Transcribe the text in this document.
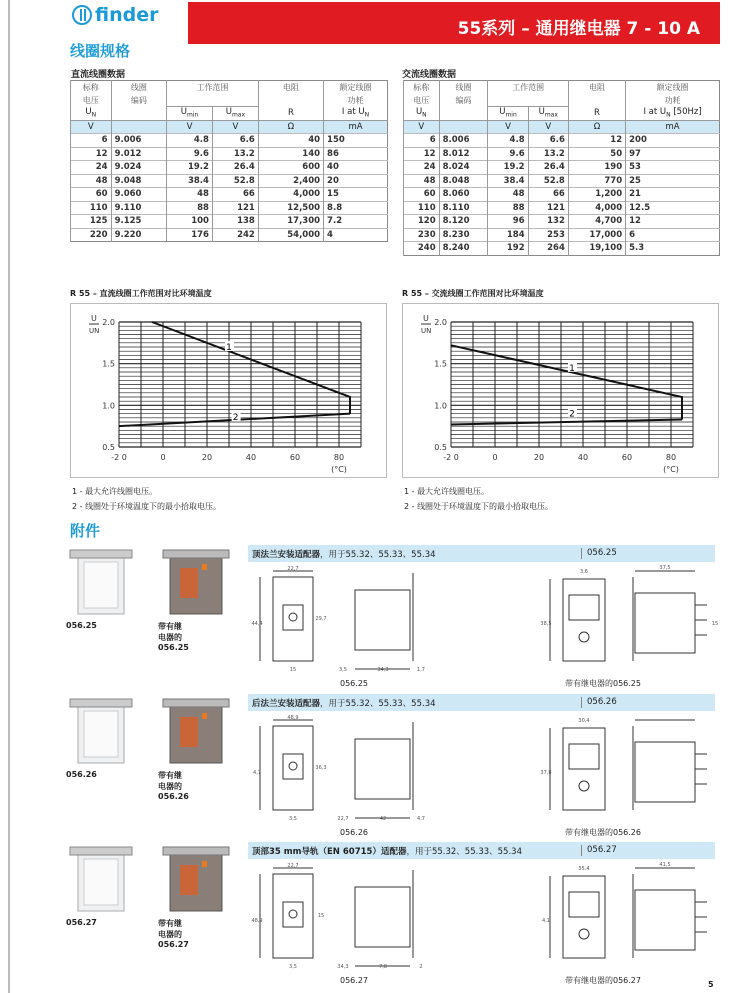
finder
55系列 – 通用继电器 7 - 10 A
线圈规格
直流线圈数据	交流线圈数据
标称	线圈	工作范围		电阻	额定线圈
电压	编码				功耗
$U_N$		$U_{min}$	$U_{max}$	R	I at $U_N$
V		V	V	Ω	mA
6	9.006	4.8	6.6	40	150
12	9.012	9.6	13.2	140	86
24	9.024	19.2	26.4	600	40
48	9.048	38.4	52.8	2,400	20
60	9.060	48	66	4,000	15
110	9.110	88	121	12,500	8.8
125	9.125	100	138	17,300	7.2
220	9.220	176	242	54,000	4
标称	线圈	工作范围		电阻	额定线圈
电压	编码				功耗
$U_N$		$U_{min}$	$U_{max}$	R	I at $U_N$ [50Hz]
V		V	V	Ω	mA
6	8.006	4.8	6.6	12	200
12	8.012	9.6	13.2	50	97
24	8.024	19.2	26.4	190	53
48	8.048	38.4	52.8	770	25
60	8.060	48	66	1,200	21
110	8.110	88	121	4,000	12.5
120	8.120	96	132	4,700	12
230	8.230	184	253	17,000	6
240	8.240	192	264	19,100	5.3
R 55 – 直流线圈工作范围对比环境温度	R 55 – 交流线圈工作范围对比环境温度
-2 0	0	20	40	60	80
0.5
1.0
1.5
2.0
U
UN
(°C)
1
2
-2 0	0	20	40	60	80
0.5
1.0
1.5
2.0
U
UN
(°C)
1
2
1 - 最大允许线圈电压。
2 - 线圈处于环境温度下的最小拾取电压。
1 - 最大允许线圈电压。
2 - 线圈处于环境温度下的最小拾取电压。
附件
056.25	带有继电器的056.25
顶法兰安装适配器，用于55.32、55.33、55.34	056.25
22,7
44,4
29,7
15	3,5	34,3	1,7
3,6
38,5
37,5
15
056.25	带有继电器的056.25
056.26	带有继电器的056.26
后法兰安装适配器，用于55.32、55.33、55.34	056.26
48,9
4,7
36,3
3,5	22,7	42	4,7
30,4
37,8
056.26	带有继电器的056.26
056.27	带有继电器的056.27
顶部35 mm导轨（EN 60715）适配器，用于55.32、55.33、55.34	056.27
22,7
48,9
15
3,5	34,3	7,8	2
35,4
4,1
41,5
056.27	带有继电器的056.27	5
